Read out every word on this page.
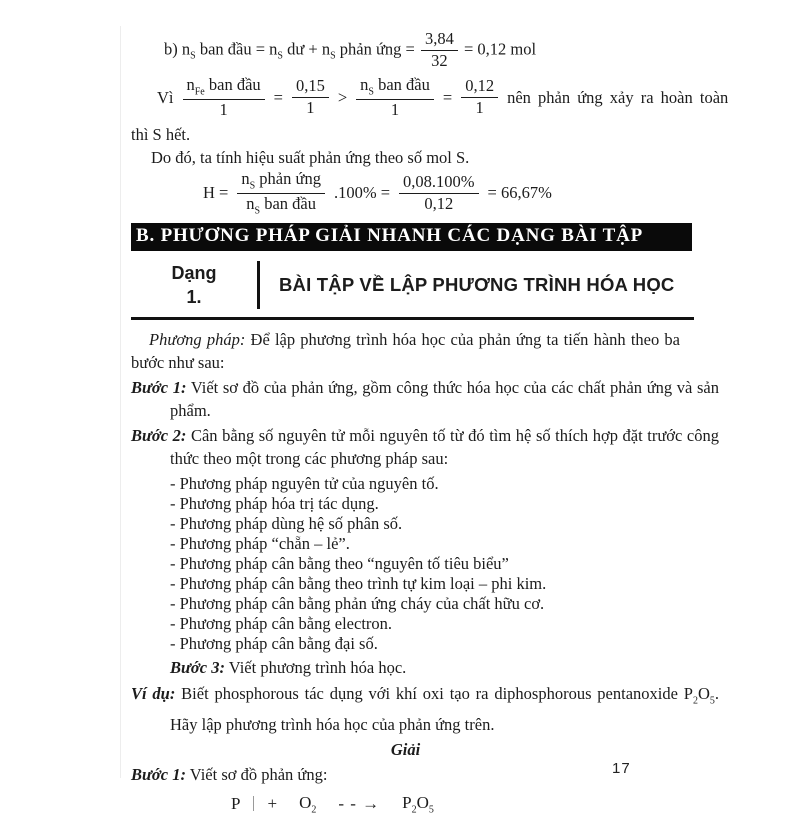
b) $n_S$ ban đầu = $n_S$ dư + $n_S$ phản ứng = $\frac{3,84}{32} = 0,12$ mol
Vì $\frac{n_{Fe} ban đầu}{1} = \frac{0,15}{1} > \frac{n_S ban đầu}{1} = \frac{0,12}{1}$ nên phản ứng xảy ra hoàn toàn
thì S hết.
Do đó, ta tính hiệu suất phản ứng theo số mol S.
$H = \frac{n_S phản ứng}{n_S ban đầu} .100\% = \frac{0,08.100\%}{0,12} = 66,67\%$
B. PHƯƠNG PHÁP GIẢI NHANH CÁC DẠNG BÀI TẬP
Dạng
1.
BÀI TẬP VỀ LẬP PHƯƠNG TRÌNH HÓA HỌC
Phương pháp: Để lập phương trình hóa học của phản ứng ta tiến hành theo ba bước như sau:
Bước 1: Viết sơ đồ của phản ứng, gồm công thức hóa học của các chất phản ứng và sản phẩm.
Bước 2: Cân bằng số nguyên tử mỗi nguyên tố từ đó tìm hệ số thích hợp đặt trước công thức theo một trong các phương pháp sau:
- Phương pháp nguyên tử của nguyên tố.
- Phương pháp hóa trị tác dụng.
- Phương pháp dùng hệ số phân số.
- Phương pháp “chẵn – lẻ”.
- Phương pháp cân bằng theo “nguyên tố tiêu biểu”
- Phương pháp cân bằng theo trình tự kim loại – phi kim.
- Phương pháp cân bằng phản ứng cháy của chất hữu cơ.
- Phương pháp cân bằng electron.
- Phương pháp cân bằng đại số.
Bước 3: Viết phương trình hóa học.
Ví dụ: Biết phosphorous tác dụng với khí oxi tạo ra diphosphorous pentanoxide $P_2O_5$. Hãy lập phương trình hóa học của phản ứng trên.
Giải
Bước 1: Viết sơ đồ phản ứng:
$P + O_2$ - - → $P_2O_5$
17
